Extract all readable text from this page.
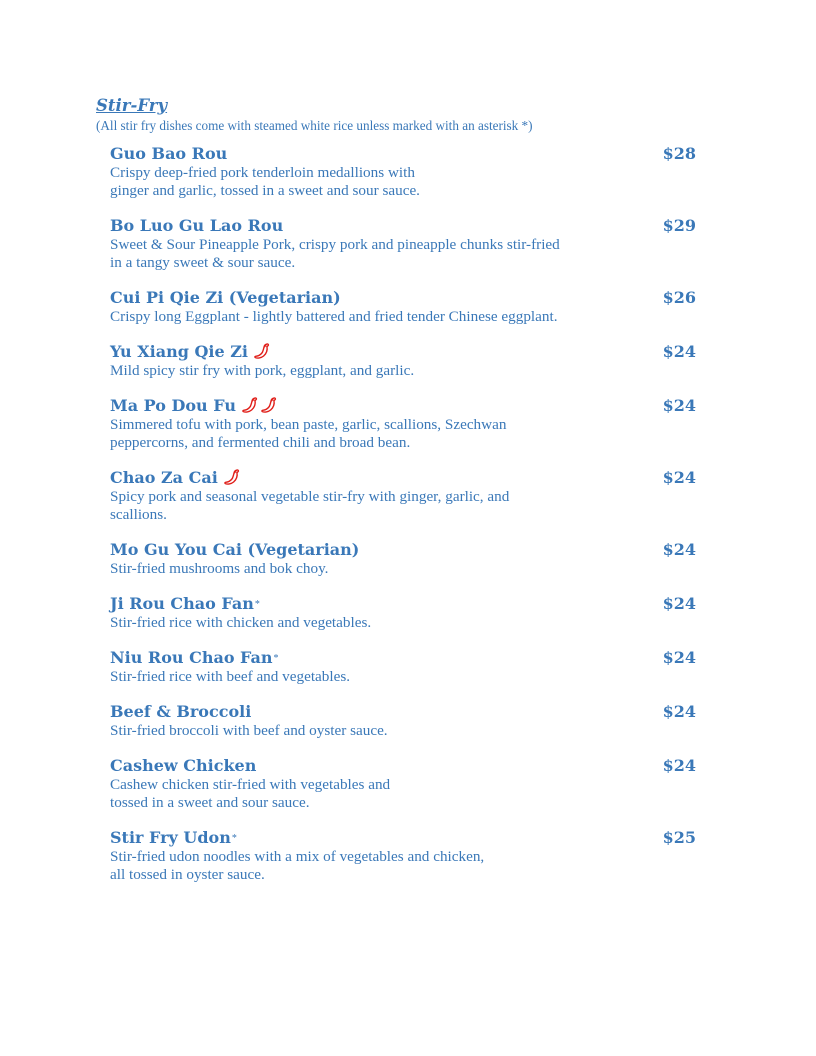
Stir-Fry

(All stir fry dishes come with steamed white rice unless marked with an asterisk *)

Guo Bao Rou	$28
Crispy deep-fried pork tenderloin medallions with
ginger and garlic, tossed in a sweet and sour sauce.
Bo Luo Gu Lao Rou	$29
Sweet & Sour Pineapple Pork, crispy pork and pineapple chunks stir-fried
in a tangy sweet & sour sauce.
Cui Pi Qie Zi (Vegetarian)	$26
Crispy long Eggplant - lightly battered and fried tender Chinese eggplant.
Yu Xiang Qie Zi	$24
Mild spicy stir fry with pork, eggplant, and garlic.
Ma Po Dou Fu	$24
Simmered tofu with pork, bean paste, garlic, scallions, Szechwan
peppercorns, and fermented chili and broad bean.
Chao Za Cai	$24
Spicy pork and seasonal vegetable stir-fry with ginger, garlic, and
scallions.
Mo Gu You Cai (Vegetarian)	$24
Stir-fried mushrooms and bok choy.
Ji Rou Chao Fan*	$24
Stir-fried rice with chicken and vegetables.
Niu Rou Chao Fan*	$24
Stir-fried rice with beef and vegetables.
Beef & Broccoli	$24
Stir-fried broccoli with beef and oyster sauce.
Cashew Chicken	$24
Cashew chicken stir-fried with vegetables and
tossed in a sweet and sour sauce.
Stir Fry Udon*	$25
Stir-fried udon noodles with a mix of vegetables and chicken,
all tossed in oyster sauce.
